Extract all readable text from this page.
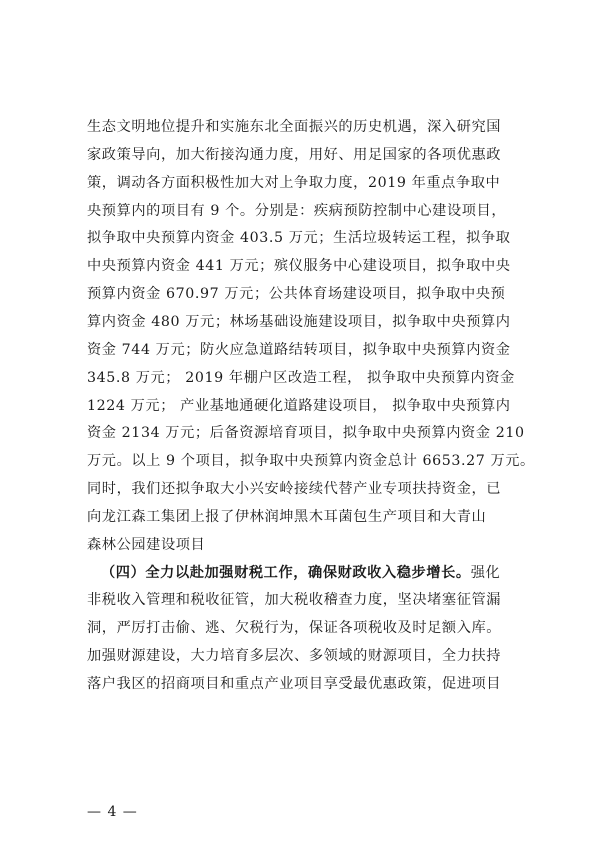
生态文明地位提升和实施东北全面振兴的历史机遇，深入研究国
家政策导向，加大衔接沟通力度，用好、用足国家的各项优惠政
策，调动各方面积极性加大对上争取力度，2019 年重点争取中
央预算内的项目有 9 个。分别是：疾病预防控制中心建设项目，
拟争取中央预算内资金 403.5 万元；生活垃圾转运工程，拟争取
中央预算内资金 441 万元；殡仪服务中心建设项目，拟争取中央
预算内资金 670.97 万元；公共体育场建设项目，拟争取中央预
算内资金 480 万元；林场基础设施建设项目，拟争取中央预算内
资金 744 万元；防火应急道路结转项目，拟争取中央预算内资金
345.8 万元； 2019 年棚户区改造工程， 拟争取中央预算内资金
1224 万元； 产业基地通硬化道路建设项目， 拟争取中央预算内
资金 2134 万元；后备资源培育项目，拟争取中央预算内资金 210
万元。以上 9 个项目，拟争取中央预算内资金总计 6653.27 万元。
同时，我们还拟争取大小兴安岭接续代替产业专项扶持资金，已
向龙江森工集团上报了伊林润坤黑木耳菌包生产项目和大青山
森林公园建设项目
（四）全力以赴加强财税工作，确保财政收入稳步增长。强化
非税收入管理和税收征管，加大税收稽查力度，坚决堵塞征管漏
洞，严厉打击偷、逃、欠税行为，保证各项税收及时足额入库。
加强财源建设，大力培育多层次、多领域的财源项目，全力扶持
落户我区的招商项目和重点产业项目享受最优惠政策，促进项目
— 4 —
